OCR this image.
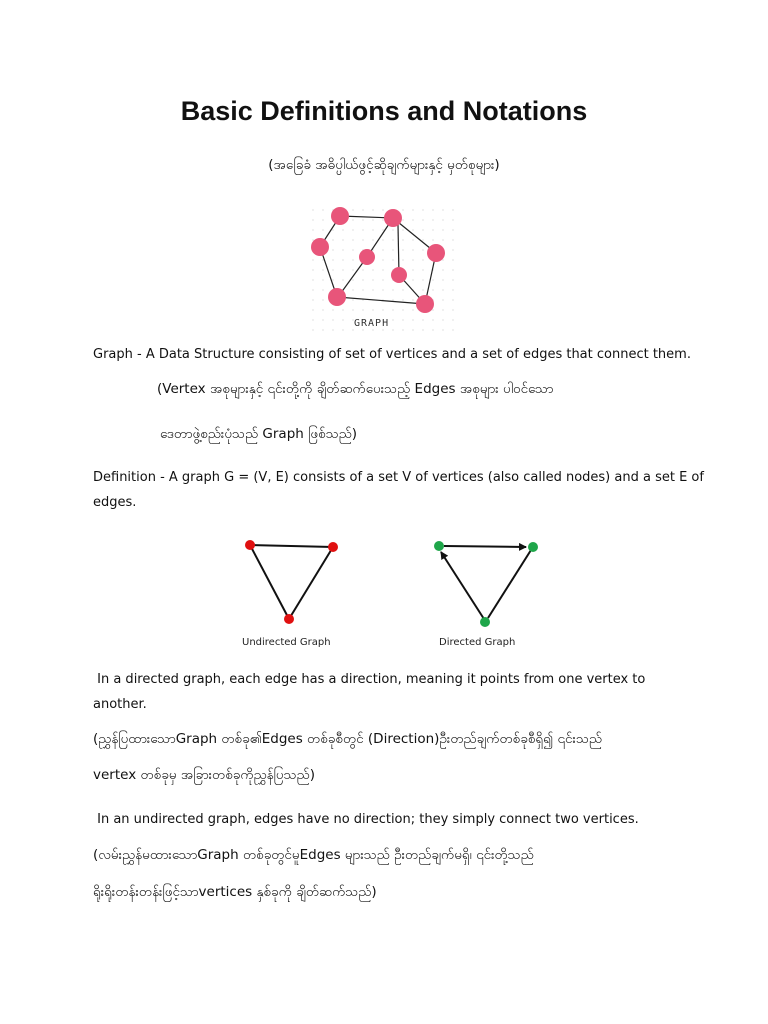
Basic Definitions and Notations
(အခြေခံ အဓိပ္ပါယ်ဖွင့်ဆိုချက်များနှင့် မှတ်စုများ)
GRAPH
Graph - A Data Structure consisting of set of vertices and a set of edges that connect them.
(Vertex အစုများနှင့် ၎င်းတို့ကို ချိတ်ဆက်ပေးသည့် Edges အစုများ ပါဝင်သော
ဒေတာဖွဲ့စည်းပုံသည် Graph ဖြစ်သည်)
Definition - A graph G = (V, E) consists of a set V of vertices (also called nodes) and a set E of
edges.
Undirected Graph	Directed Graph
In a directed graph, each edge has a direction, meaning it points from one vertex to
another.
(ညွှန်ပြထားသောGraph တစ်ခု၏Edges တစ်ခုစီတွင် (Direction)ဦးတည်ချက်တစ်ခုစီရှိ၍ ၎င်းသည်
vertex တစ်ခုမှ အခြားတစ်ခုကိုညွှန်ပြသည်)
In an undirected graph, edges have no direction; they simply connect two vertices.
(လမ်းညွှန်မထားသောGraph တစ်ခုတွင်မူEdges များသည် ဦးတည်ချက်မရှိ၊ ၎င်းတို့သည်
ရိုးရိုးတန်းတန်းဖြင့်သာvertices နှစ်ခုကို ချိတ်ဆက်သည်)
